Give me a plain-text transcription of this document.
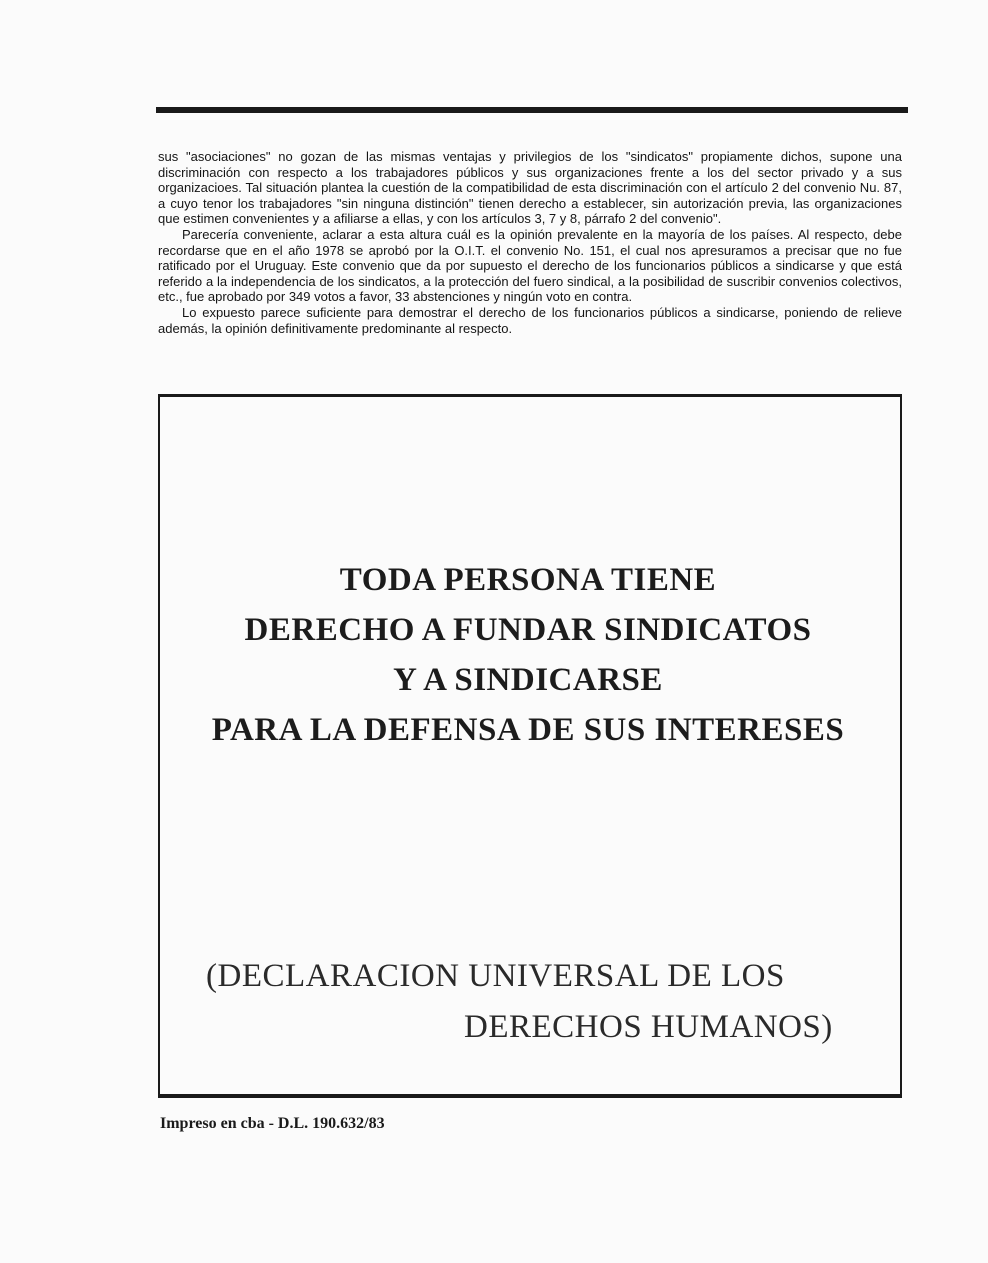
sus "asociaciones" no gozan de las mismas ventajas y privilegios de los "sindicatos" propiamente dichos, supone una discriminación con respecto a los trabajadores públicos y sus organizaciones frente a los del sector privado y a sus organizacioes. Tal situación plantea la cuestión de la compatibilidad de esta discriminación con el artículo 2 del convenio Nu. 87, a cuyo tenor los trabajadores "sin ninguna distinción" tienen derecho a establecer, sin autorización previa, las organizaciones que estimen convenientes y a afiliarse a ellas, y con los artículos 3, 7 y 8, párrafo 2 del convenio".

Parecería conveniente, aclarar a esta altura cuál es la opinión prevalente en la mayoría de los países. Al respecto, debe recordarse que en el año 1978 se aprobó por la O.I.T. el convenio No. 151, el cual nos apresuramos a precisar que no fue ratificado por el Uruguay. Este convenio que da por supuesto el derecho de los funcionarios públicos a sindicarse y que está referido a la independencia de los sindicatos, a la protección del fuero sindical, a la posibilidad de suscribir convenios colectivos, etc., fue aprobado por 349 votos a favor, 33 abstenciones y ningún voto en contra.

Lo expuesto parece suficiente para demostrar el derecho de los funcionarios públicos a sindicarse, poniendo de relieve además, la opinión definitivamente predominante al respecto.

TODA PERSONA TIENE
DERECHO A FUNDAR SINDICATOS
Y A SINDICARSE
PARA LA DEFENSA DE SUS INTERESES
(DECLARACION UNIVERSAL DE LOS
DERECHOS HUMANOS)
Impreso en cba - D.L. 190.632/83
